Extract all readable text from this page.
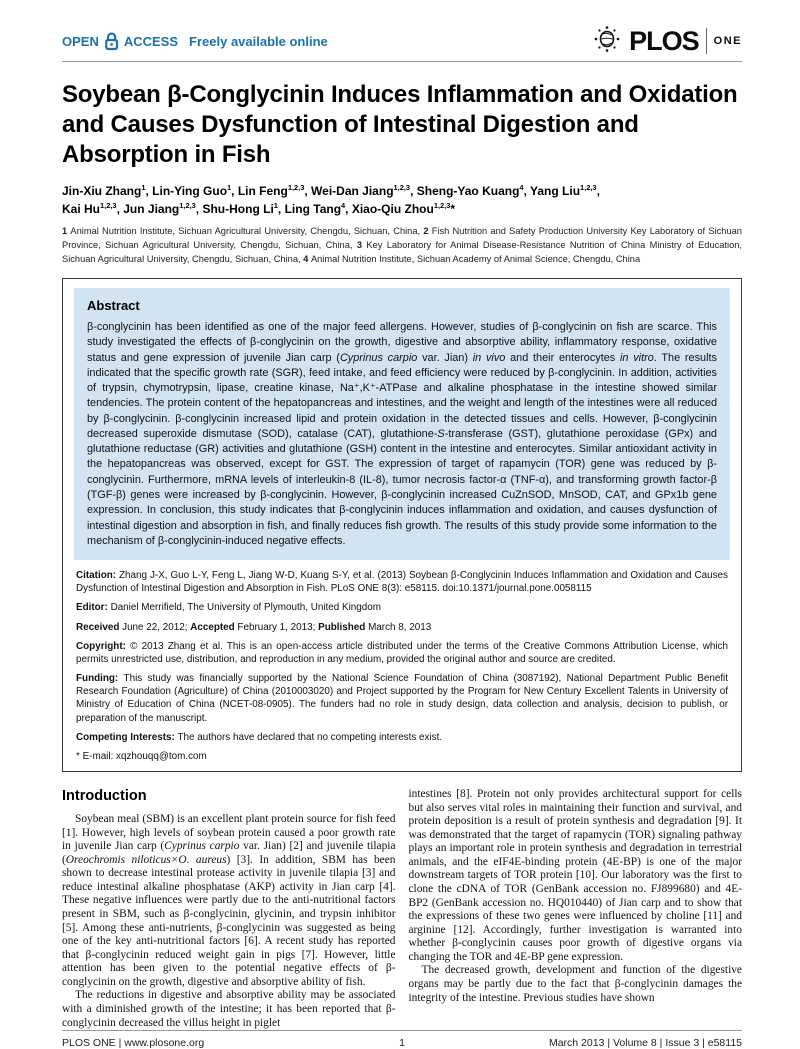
OPEN ACCESS Freely available online	PLOS ONE
Soybean β-Conglycinin Induces Inflammation and Oxidation and Causes Dysfunction of Intestinal Digestion and Absorption in Fish
Jin-Xiu Zhang$^1$, Lin-Ying Guo$^1$, Lin Feng$^{1,2,3}$, Wei-Dan Jiang$^{1,2,3}$, Sheng-Yao Kuang$^4$, Yang Liu$^{1,2,3}$,
Kai Hu$^{1,2,3}$, Jun Jiang$^{1,2,3}$, Shu-Hong Li$^1$, Ling Tang$^4$, Xiao-Qiu Zhou$^{1,2,3}$*
1 Animal Nutrition Institute, Sichuan Agricultural University, Chengdu, Sichuan, China, 2 Fish Nutrition and Safety Production University Key Laboratory of Sichuan Province, Sichuan Agricultural University, Chengdu, Sichuan, China, 3 Key Laboratory for Animal Disease-Resistance Nutrition of China Ministry of Education, Sichuan Agricultural University, Chengdu, Sichuan, China, 4 Animal Nutrition Institute, Sichuan Academy of Animal Science, Chengdu, China
Abstract
β-conglycinin has been identified as one of the major feed allergens. However, studies of β-conglycinin on fish are scarce. This study investigated the effects of β-conglycinin on the growth, digestive and absorptive ability, inflammatory response, oxidative status and gene expression of juvenile Jian carp (Cyprinus carpio var. Jian) in vivo and their enterocytes in vitro. The results indicated that the specific growth rate (SGR), feed intake, and feed efficiency were reduced by β-conglycinin. In addition, activities of trypsin, chymotrypsin, lipase, creatine kinase, Na⁺,K⁺-ATPase and alkaline phosphatase in the intestine showed similar tendencies. The protein content of the hepatopancreas and intestines, and the weight and length of the intestines were all reduced by β-conglycinin. β-conglycinin increased lipid and protein oxidation in the detected tissues and cells. However, β-conglycinin decreased superoxide dismutase (SOD), catalase (CAT), glutathione-S-transferase (GST), glutathione peroxidase (GPx) and glutathione reductase (GR) activities and glutathione (GSH) content in the intestine and enterocytes. Similar antioxidant activity in the hepatopancreas was observed, except for GST. The expression of target of rapamycin (TOR) gene was reduced by β-conglycinin. Furthermore, mRNA levels of interleukin-8 (IL-8), tumor necrosis factor-α (TNF-α), and transforming growth factor-β (TGF-β) genes were increased by β-conglycinin. However, β-conglycinin increased CuZnSOD, MnSOD, CAT, and GPx1b gene expression. In conclusion, this study indicates that β-conglycinin induces inflammation and oxidation, and causes dysfunction of intestinal digestion and absorption in fish, and finally reduces fish growth. The results of this study provide some information to the mechanism of β-conglycinin-induced negative effects.

Citation: Zhang J-X, Guo L-Y, Feng L, Jiang W-D, Kuang S-Y, et al. (2013) Soybean β-Conglycinin Induces Inflammation and Oxidation and Causes Dysfunction of Intestinal Digestion and Absorption in Fish. PLoS ONE 8(3): e58115. doi:10.1371/journal.pone.0058115

Editor: Daniel Merrifield, The University of Plymouth, United Kingdom

Received June 22, 2012; Accepted February 1, 2013; Published March 8, 2013

Copyright: © 2013 Zhang et al. This is an open-access article distributed under the terms of the Creative Commons Attribution License, which permits unrestricted use, distribution, and reproduction in any medium, provided the original author and source are credited.

Funding: This study was financially supported by the National Science Foundation of China (3087192), National Department Public Benefit Research Foundation (Agriculture) of China (2010003020) and Project supported by the Program for New Century Excellent Talents in University of Ministry of Education of China (NCET-08-0905). The funders had no role in study design, data collection and analysis, decision to publish, or preparation of the manuscript.

Competing Interests: The authors have declared that no competing interests exist.

* E-mail: xqzhouqq@tom.com

Introduction

Soybean meal (SBM) is an excellent plant protein source for fish feed [1]. However, high levels of soybean protein caused a poor growth rate in juvenile Jian carp (Cyprinus carpio var. Jian) [2] and juvenile tilapia (Oreochromis niloticus×O. aureus) [3]. In addition, SBM has been shown to decrease intestinal protease activity in juvenile tilapia [3] and reduce intestinal alkaline phosphatase (AKP) activity in Jian carp [4]. These negative influences were partly due to the anti-nutritional factors present in SBM, such as β-conglycinin, glycinin, and trypsin inhibitor [5]. Among these anti-nutrients, β-conglycinin was suggested as being one of the key anti-nutritional factors [6]. A recent study has reported that β-conglycinin reduced weight gain in pigs [7]. However, little attention has been given to the potential negative effects of β-conglycinin on the growth, digestive and absorptive ability of fish.

The reductions in digestive and absorptive ability may be associated with a diminished growth of the intestine; it has been reported that β-conglycinin decreased the villus height in piglet

intestines [8]. Protein not only provides architectural support for cells but also serves vital roles in maintaining their function and survival, and protein deposition is a result of protein synthesis and degradation [9]. It was demonstrated that the target of rapamycin (TOR) signaling pathway plays an important role in protein synthesis and degradation in terrestrial animals, and the eIF4E-binding protein (4E-BP) is one of the major downstream targets of TOR protein [10]. Our laboratory was the first to clone the cDNA of TOR (GenBank accession no. FJ899680) and 4E-BP2 (GenBank accession no. HQ010440) of Jian carp and to show that the expressions of these two genes were influenced by choline [11] and arginine [12]. Accordingly, further investigation is warranted into whether β-conglycinin causes poor growth of digestive organs via changing the TOR and 4E-BP gene expression.

The decreased growth, development and function of the digestive organs may be partly due to the fact that β-conglycinin damages the integrity of the intestine. Previous studies have shown

PLOS ONE | www.plosone.org	1	March 2013 | Volume 8 | Issue 3 | e58115
